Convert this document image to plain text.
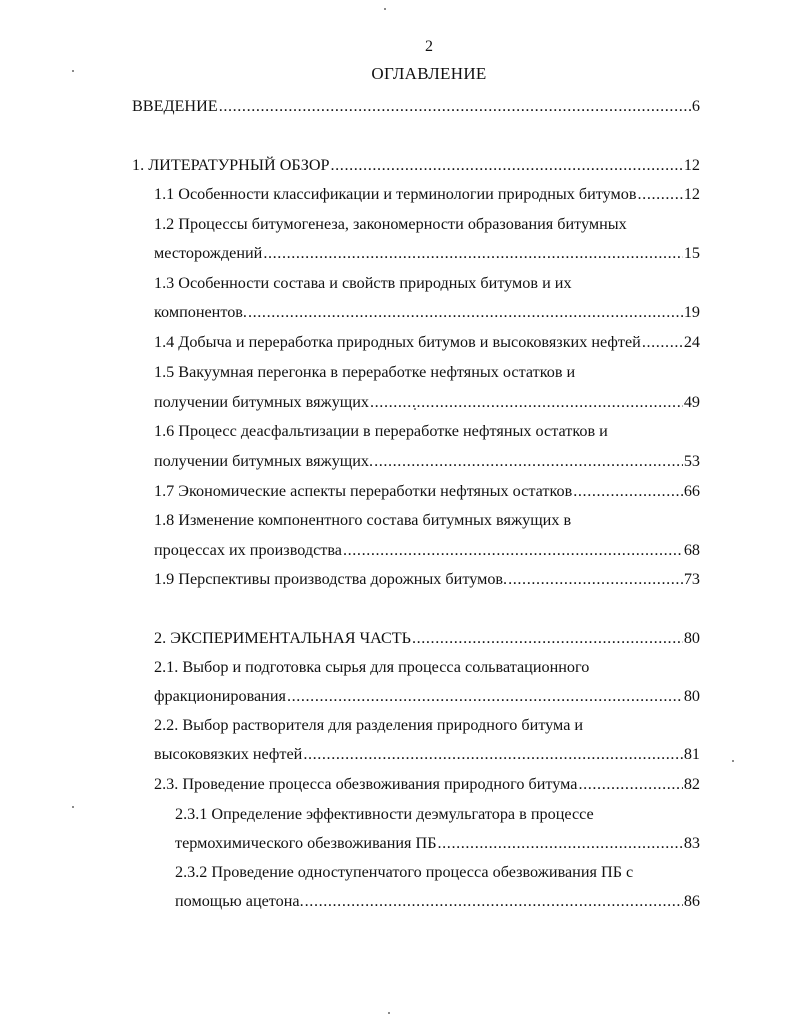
2
ОГЛАВЛЕНИЕ
ВВЕДЕНИЕ .....	6
1. ЛИТЕРАТУРНЫЙ ОБЗОР .....	12
1.1 Особенности классификации и терминологии природных битумов .....	12
1.2 Процессы битумогенеза, закономерности образования битумных
месторождений .....	15
1.3 Особенности состава и свойств природных битумов и их
компонентов. .....	19
1.4 Добыча и переработка природных битумов и высоковязких нефтей .....	24
1.5 Вакуумная перегонка в переработке нефтяных остатков и
получении битумных вяжущих .....	49
1.6 Процесс деасфальтизации в переработке нефтяных остатков и
получении битумных вяжущих. .....	53
1.7 Экономические аспекты переработки нефтяных остатков .....	66
1.8 Изменение компонентного состава битумных вяжущих в
процессах их производства .....	68
1.9 Перспективы производства дорожных битумов. .....	73
2. ЭКСПЕРИМЕНТАЛЬНАЯ ЧАСТЬ .....	80
2.1. Выбор и подготовка сырья для процесса сольватационного
фракционирования .....	80
2.2. Выбор растворителя для разделения природного битума и
высоковязких нефтей .....	81
2.3. Проведение процесса обезвоживания природного битума .....	82
2.3.1 Определение эффективности деэмульгатора в процессе
термохимического обезвоживания ПБ .....	83
2.3.2 Проведение одноступенчатого процесса обезвоживания ПБ с
помощью ацетона. .....	86
